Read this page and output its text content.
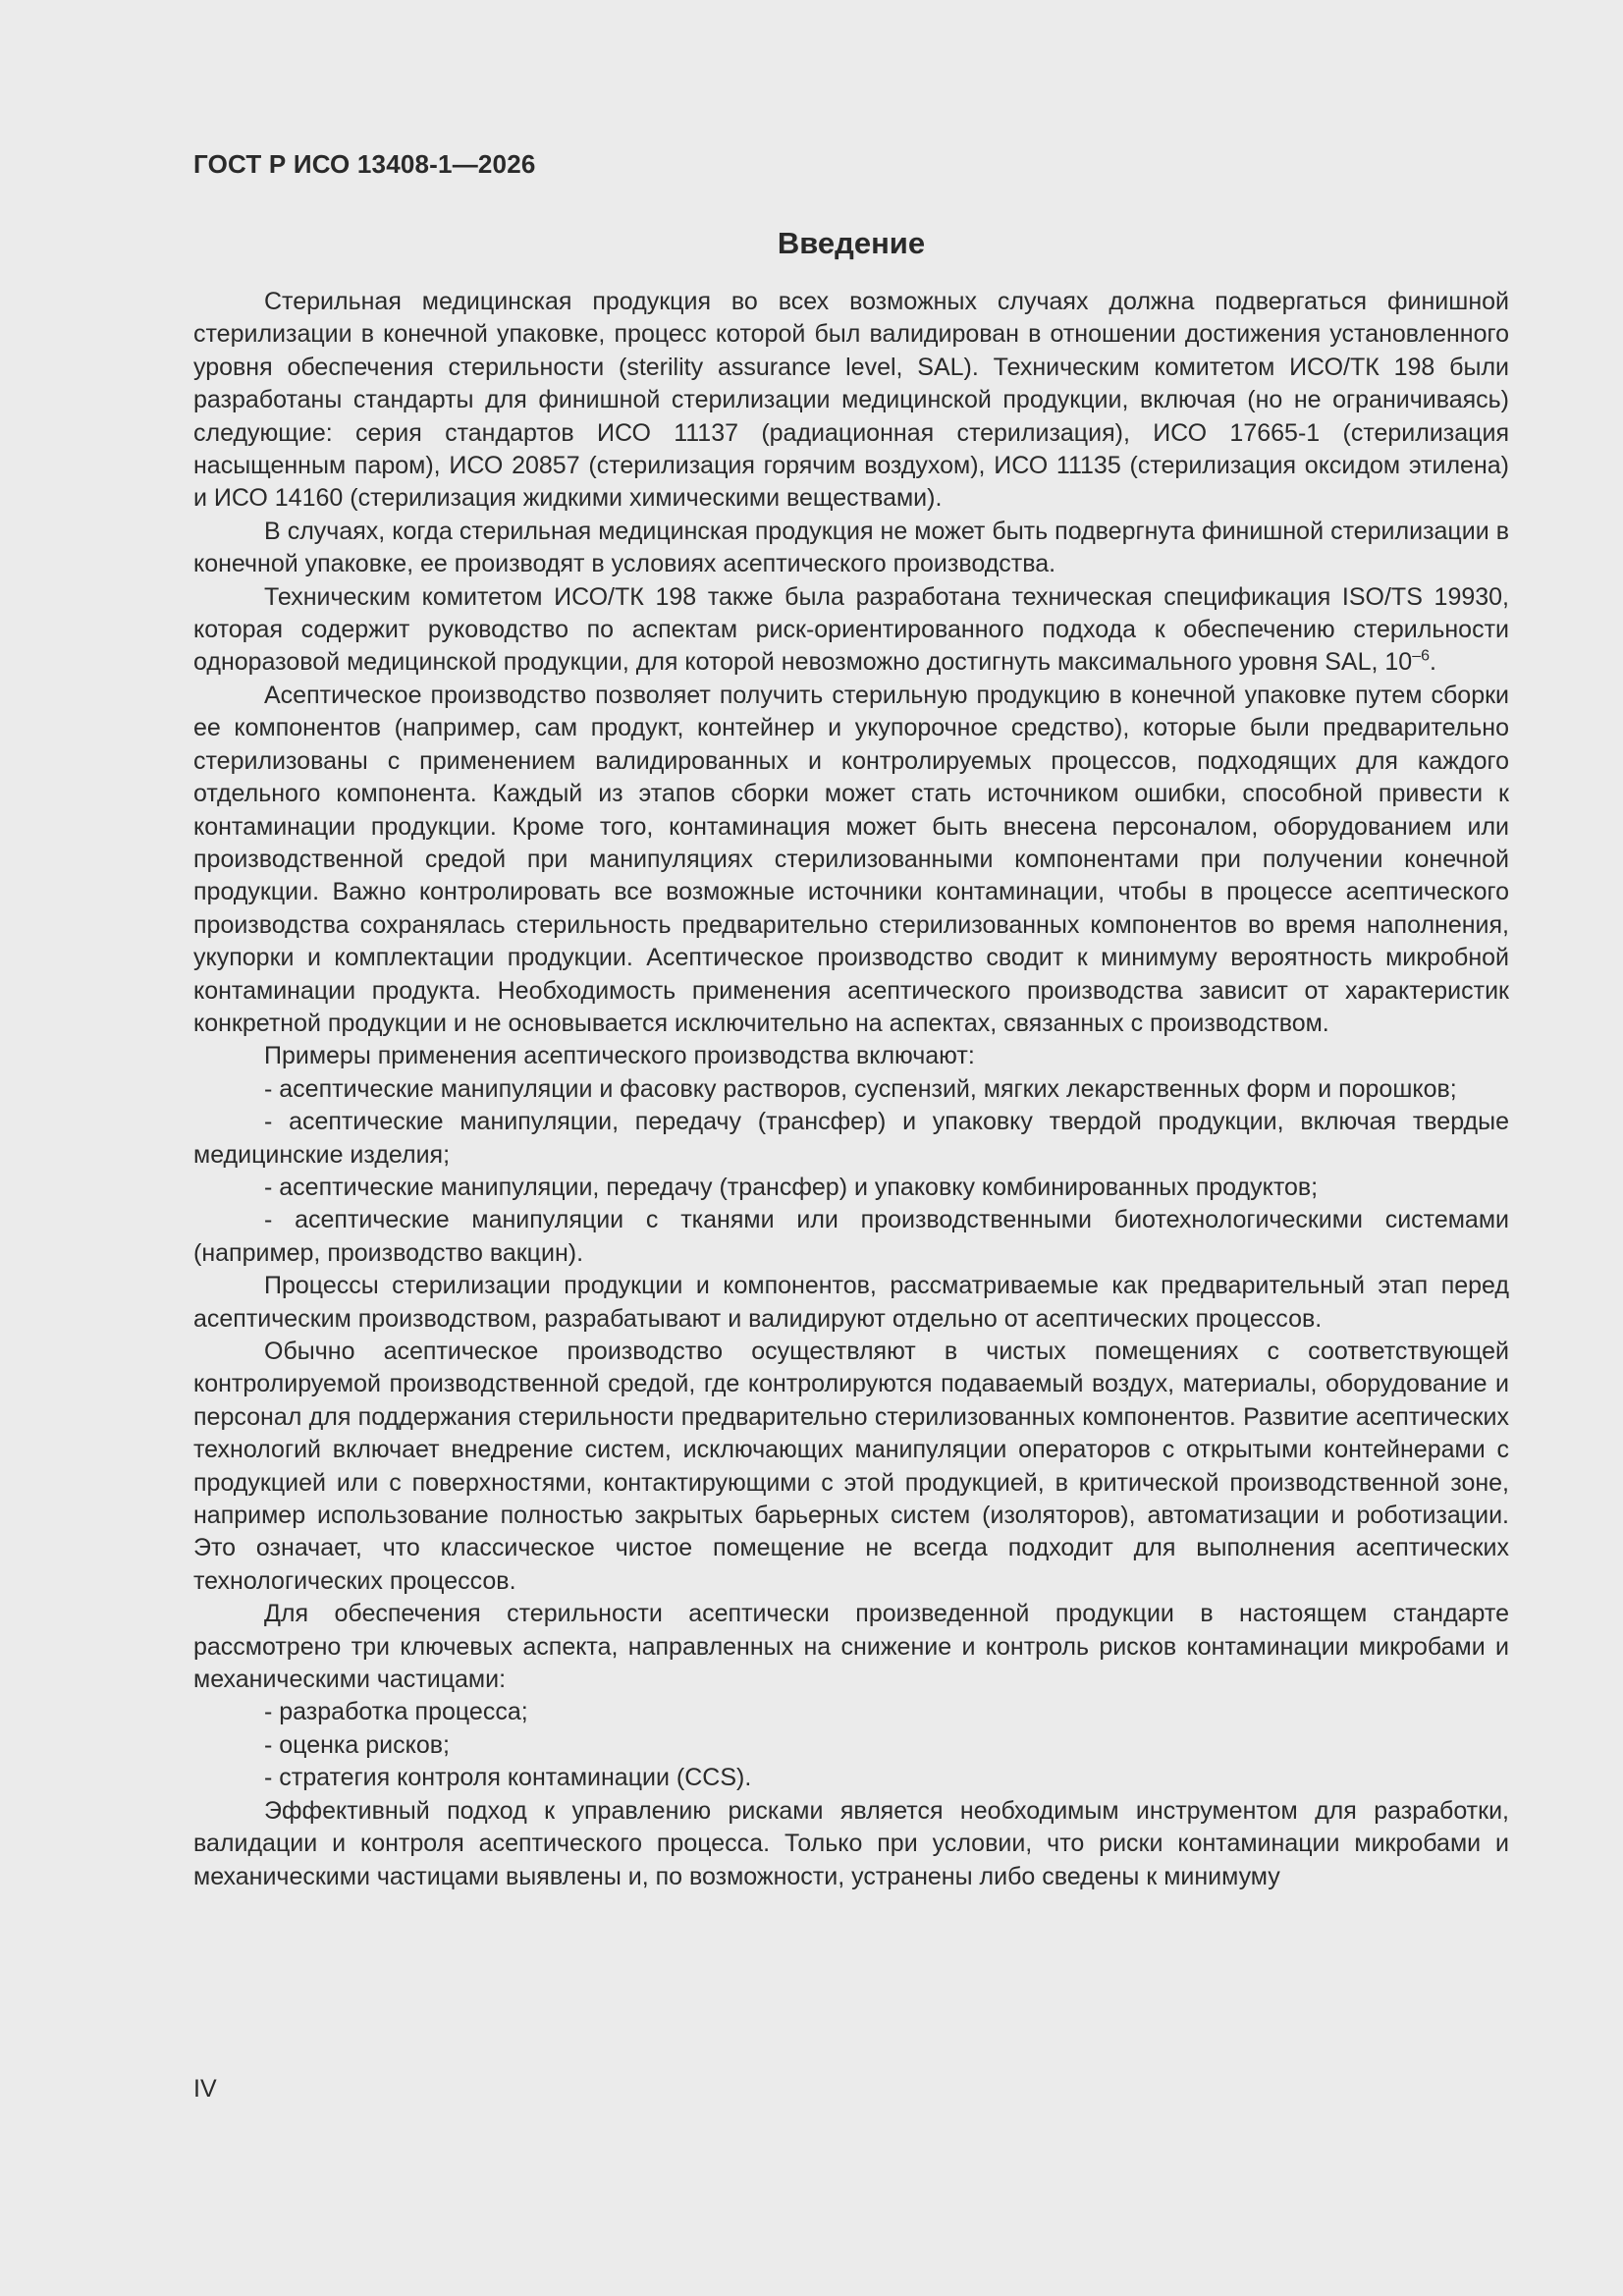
ГОСТ Р ИСО 13408-1—2026
Введение

Стерильная медицинская продукция во всех возможных случаях должна подвергаться финишной стерилизации в конечной упаковке, процесс которой был валидирован в отношении достижения установленного уровня обеспечения стерильности (sterility assurance level, SAL). Техническим комитетом ИСО/ТК 198 были разработаны стандарты для финишной стерилизации медицинской продукции, включая (но не ограничиваясь) следующие: серия стандартов ИСО 11137 (радиационная стерилизация), ИСО 17665-1 (стерилизация насыщенным паром), ИСО 20857 (стерилизация горячим воздухом), ИСО 11135 (стерилизация оксидом этилена) и ИСО 14160 (стерилизация жидкими химическими веществами).

В случаях, когда стерильная медицинская продукция не может быть подвергнута финишной стерилизации в конечной упаковке, ее производят в условиях асептического производства.

Техническим комитетом ИСО/ТК 198 также была разработана техническая спецификация ISO/TS 19930, которая содержит руководство по аспектам риск-ориентированного подхода к обеспечению стерильности одноразовой медицинской продукции, для которой невозможно достигнуть максимального уровня SAL, $10^{-6}$.

Асептическое производство позволяет получить стерильную продукцию в конечной упаковке путем сборки ее компонентов (например, сам продукт, контейнер и укупорочное средство), которые были предварительно стерилизованы с применением валидированных и контролируемых процессов, подходящих для каждого отдельного компонента. Каждый из этапов сборки может стать источником ошибки, способной привести к контаминации продукции. Кроме того, контаминация может быть внесена персоналом, оборудованием или производственной средой при манипуляциях стерилизованными компонентами при получении конечной продукции. Важно контролировать все возможные источники контаминации, чтобы в процессе асептического производства сохранялась стерильность предварительно стерилизованных компонентов во время наполнения, укупорки и комплектации продукции. Асептическое производство сводит к минимуму вероятность микробной контаминации продукта. Необходимость применения асептического производства зависит от характеристик конкретной продукции и не основывается исключительно на аспектах, связанных с производством.

Примеры применения асептического производства включают:

- асептические манипуляции и фасовку растворов, суспензий, мягких лекарственных форм и порошков;

- асептические манипуляции, передачу (трансфер) и упаковку твердой продукции, включая твердые медицинские изделия;

- асептические манипуляции, передачу (трансфер) и упаковку комбинированных продуктов;

- асептические манипуляции с тканями или производственными биотехнологическими системами (например, производство вакцин).

Процессы стерилизации продукции и компонентов, рассматриваемые как предварительный этап перед асептическим производством, разрабатывают и валидируют отдельно от асептических процессов.

Обычно асептическое производство осуществляют в чистых помещениях с соответствующей контролируемой производственной средой, где контролируются подаваемый воздух, материалы, оборудование и персонал для поддержания стерильности предварительно стерилизованных компонентов. Развитие асептических технологий включает внедрение систем, исключающих манипуляции операторов с открытыми контейнерами с продукцией или с поверхностями, контактирующими с этой продукцией, в критической производственной зоне, например использование полностью закрытых барьерных систем (изоляторов), автоматизации и роботизации. Это означает, что классическое чистое помещение не всегда подходит для выполнения асептических технологических процессов.

Для обеспечения стерильности асептически произведенной продукции в настоящем стандарте рассмотрено три ключевых аспекта, направленных на снижение и контроль рисков контаминации микробами и механическими частицами:

- разработка процесса;

- оценка рисков;

- стратегия контроля контаминации (CCS).

Эффективный подход к управлению рисками является необходимым инструментом для разработки, валидации и контроля асептического процесса. Только при условии, что риски контаминации микробами и механическими частицами выявлены и, по возможности, устранены либо сведены к минимуму

IV
